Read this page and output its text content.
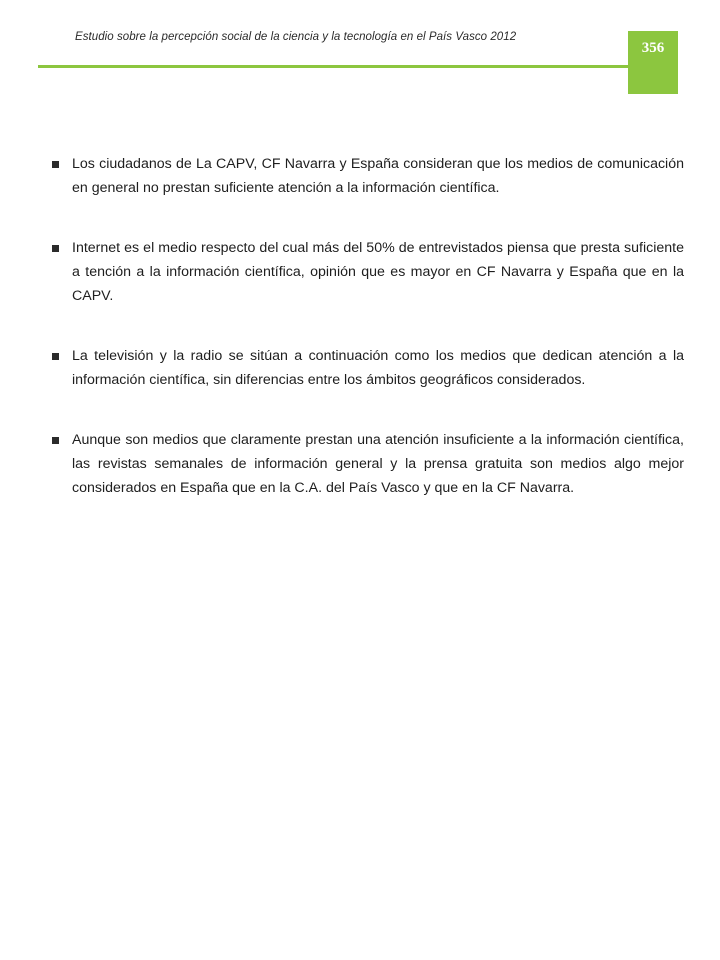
Estudio sobre la percepción social de la ciencia y la tecnología en el País Vasco 2012
356
Los ciudadanos de La CAPV, CF Navarra y España consideran que los medios de comunicación en general no prestan suficiente atención a la información científica.
Internet es el medio respecto del cual más del 50% de entrevistados piensa que presta suficiente a tención a la información científica, opinión que es mayor en CF Navarra y España que en la CAPV.
La televisión y la radio se sitúan a continuación como los medios que dedican atención a la información científica, sin diferencias entre los ámbitos geográficos considerados.
Aunque son medios que claramente prestan una atención insuficiente a la información científica, las revistas semanales de información general y la prensa gratuita son medios algo mejor considerados en España que en la C.A. del País Vasco y que en la CF Navarra.
